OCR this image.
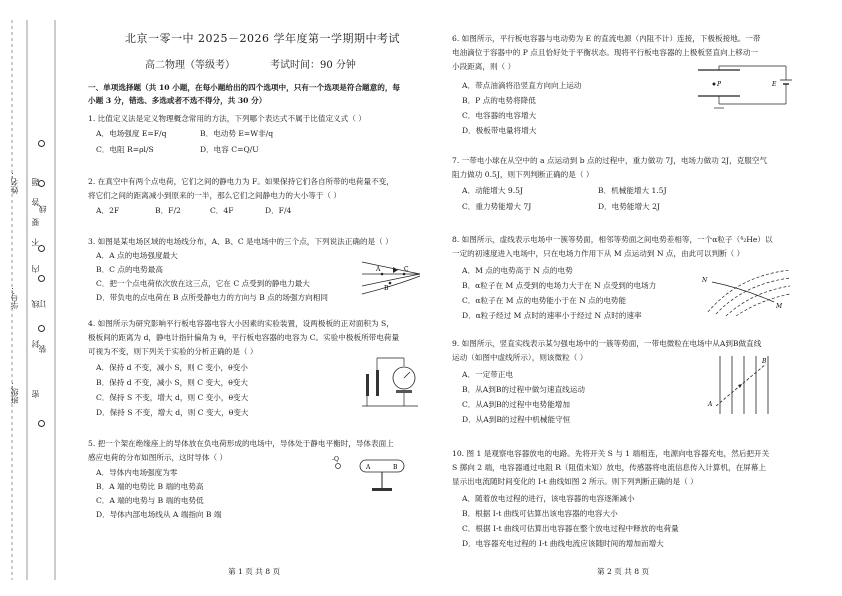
班级：
学号：
姓名：
密
封
线
内
不
要
答
题
装
订
线
北京一零一中 2025－2026 学年度第一学期期中考试
高二物理（等级考）	考试时间：90 分钟
一、单项选择题（共 10 小题，在每小题给出的四个选项中，只有一个选项是符合题意的，每
小题 3 分，错选、多选或者不选不得分，共 30 分）
1. 比值定义法是定义物理概念常用的方法，下列哪个表达式不属于比值定义式（ ）
A．电场强度 E=F/q	B．电动势 E=W非/q
C．电阻 R=ρl/S	D．电容 C=Q/U
2. 在真空中有两个点电荷，它们之间的静电力为 F。如果保持它们各自所带的电荷量不变，
将它们之间的距离减小到原来的一半，那么它们之间静电力的大小等于（ ）
A．2F	B．F/2	C．4F	D．F/4
3. 如图是某电场区域的电场线分布，A、B、C 是电场中的三个点，下列说法正确的是（ ）
A．A 点的电场强度最大
B．C 点的电势最高
C．把一个点电荷依次放在这三点，它在 C 点受到的静电力最大
D．带负电的点电荷在 B 点所受静电力的方向与 B 点的场强方向相同
A	C
B
4. 如图所示为研究影响平行板电容器电容大小因素的实验装置，设两极板的正对面积为 S，
极板间的距离为 d，静电计指针偏角为 θ，平行板电容器的电容为 C。实验中极板所带电荷量
可视为不变，则下列关于实验的分析正确的是（ ）
A．保持 d 不变，减小 S，则 C 变小，θ变小
B．保持 d 不变，减小 S，则 C 变大，θ变大
C．保持 S 不变，增大 d，则 C 变小，θ变大
D．保持 S 不变，增大 d，则 C 变大，θ变大
5. 把一个架在绝缘座上的导体放在负电荷形成的电场中，导体处于静电平衡时，导体表面上
感应电荷的分布如图所示，这时导体（ ）
A．导体内电场强度为零
B．A 端的电势比 B 端的电势高
C．A 端的电势与 B 端的电势低
D．导体内部电场线从 A 端指向 B 端
-Q
A	B
6. 如图所示，平行板电容器与电动势为 E 的直流电源（内阻不计）连接，下极板接地。一带
电油滴位于容器中的 P 点且恰好处于平衡状态。现将平行板电容器的上极板竖直向上移动一
小段距离，则（ ）
A．带点油滴将沿竖直方向向上运动
B．P 点的电势将降低
C．电容器的电容增大
D．极板带电量将增大
P	E
7. 一带电小球在从空中的 a 点运动到 b 点的过程中，重力做功 7J，电场力做功 2J，克服空气
阻力做功 0.5J，则下列判断正确的是（ ）
A．动能增大 9.5J	B．机械能增大 1.5J
C．重力势能增大 7J	D．电势能增大 2J
8. 如图所示，虚线表示电场中一簇等势面，相邻等势面之间电势差相等，一个α粒子（⁴₂He）以
一定的初速度进入电场中，只在电场力作用下从 M 点运动到 N 点，由此可以判断（ ）
A．M 点的电势高于 N 点的电势
B．α粒子在 M 点受到的电场力大于在 N 点受到的电场力
C．α粒子在 M 点的电势能小于在 N 点的电势能
D．α粒子经过 M 点时的速率小于经过 N 点时的速率
N
M
9. 如图所示，竖直实线表示某匀强电场中的一簇等势面，一带电微粒在电场中从A到B做直线
运动（如图中虚线所示），则该微粒（ ）
A．一定带正电
B．从A到B的过程中做匀速直线运动
C．从A到B的过程中电势能增加
D．从A到B的过程中机械能守恒
A
B
10. 图 1 是观察电容器放电的电路。先将开关 S 与 1 端相连，电源向电容器充电，然后把开关
S 掷向 2 端，电容器通过电阻 R（阻值未知）放电，传感器将电流信息传入计算机，在屏幕上
显示出电流随时间变化的 I-t 曲线如图 2 所示。则下列判断正确的是（ ）
A．随着放电过程的进行，该电容器的电容逐渐减小
B．根据 I-t 曲线可估算出该电容器的电容大小
C．根据 I-t 曲线可估算出电容器在整个放电过程中释放的电荷量
D．电容器充电过程的 I-t 曲线电流应该随时间的增加而增大
第 1 页 共 8 页	第 2 页 共 8 页
